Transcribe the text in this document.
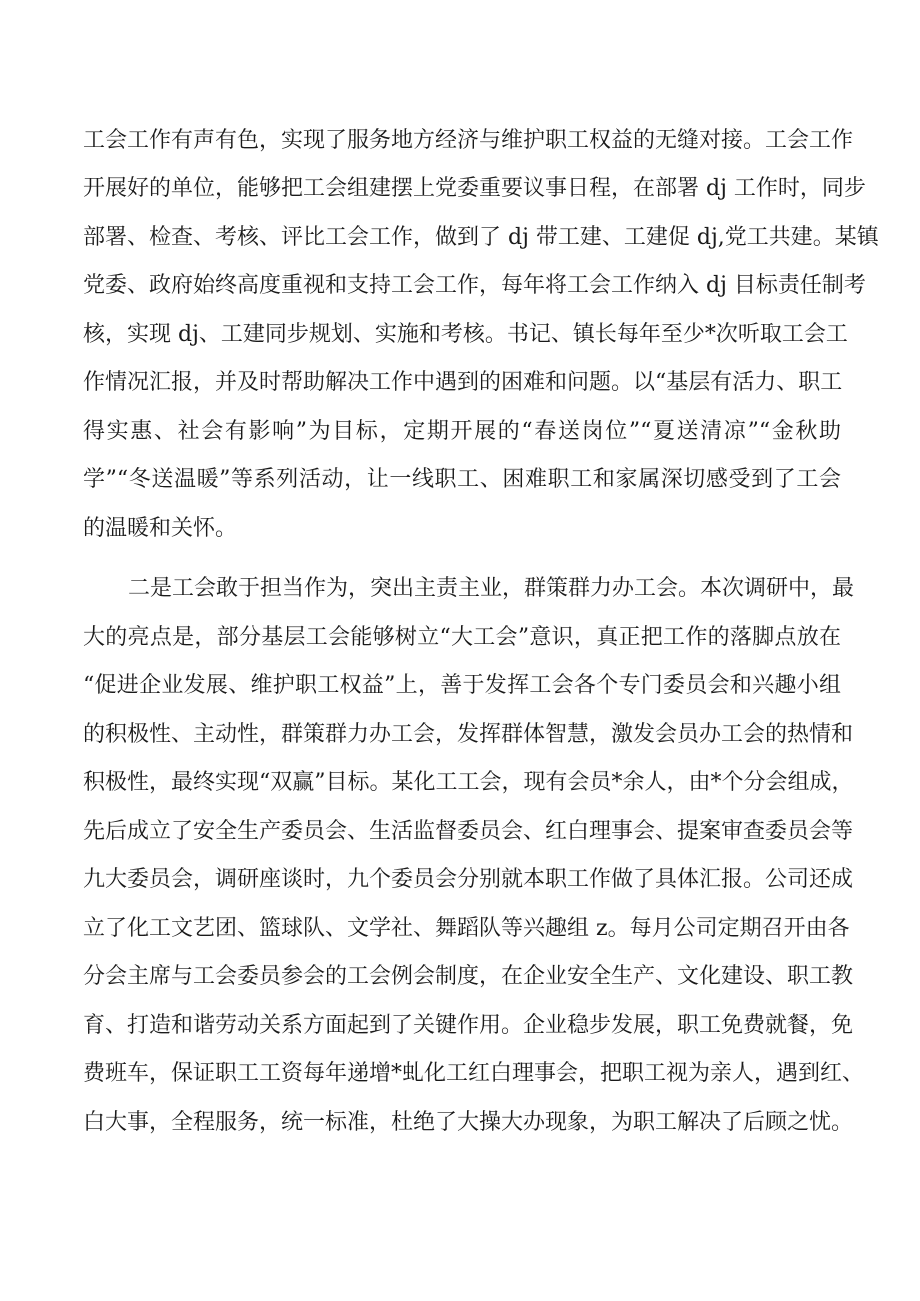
工会工作有声有色，实现了服务地方经济与维护职工权益的无缝对接。工会工作
开展好的单位，能够把工会组建摆上党委重要议事日程，在部署 dj 工作时，同步
部署、检查、考核、评比工会工作，做到了 dj 带工建、工建促 dj,党工共建。某镇
党委、政府始终高度重视和支持工会工作，每年将工会工作纳入 dj 目标责任制考
核，实现 dj、工建同步规划、实施和考核。书记、镇长每年至少*次听取工会工
作情况汇报，并及时帮助解决工作中遇到的困难和问题。以“基层有活力、职工
得实惠、社会有影响”为目标，定期开展的“春送岗位”“夏送清凉”“金秋助
学”“冬送温暖”等系列活动，让一线职工、困难职工和家属深切感受到了工会
的温暖和关怀。
二是工会敢于担当作为，突出主责主业，群策群力办工会。本次调研中，最
大的亮点是，部分基层工会能够树立“大工会”意识，真正把工作的落脚点放在
“促进企业发展、维护职工权益”上，善于发挥工会各个专门委员会和兴趣小组
的积极性、主动性，群策群力办工会，发挥群体智慧，激发会员办工会的热情和
积极性，最终实现“双赢”目标。某化工工会，现有会员*余人，由*个分会组成，
先后成立了安全生产委员会、生活监督委员会、红白理事会、提案审查委员会等
九大委员会，调研座谈时，九个委员会分别就本职工作做了具体汇报。公司还成
立了化工文艺团、篮球队、文学社、舞蹈队等兴趣组 z。每月公司定期召开由各
分会主席与工会委员参会的工会例会制度，在企业安全生产、文化建设、职工教
育、打造和谐劳动关系方面起到了关键作用。企业稳步发展，职工免费就餐，免
费班车，保证职工工资每年递增*虬化工红白理事会，把职工视为亲人，遇到红、
白大事，全程服务，统一标准，杜绝了大操大办现象，为职工解决了后顾之忧。
